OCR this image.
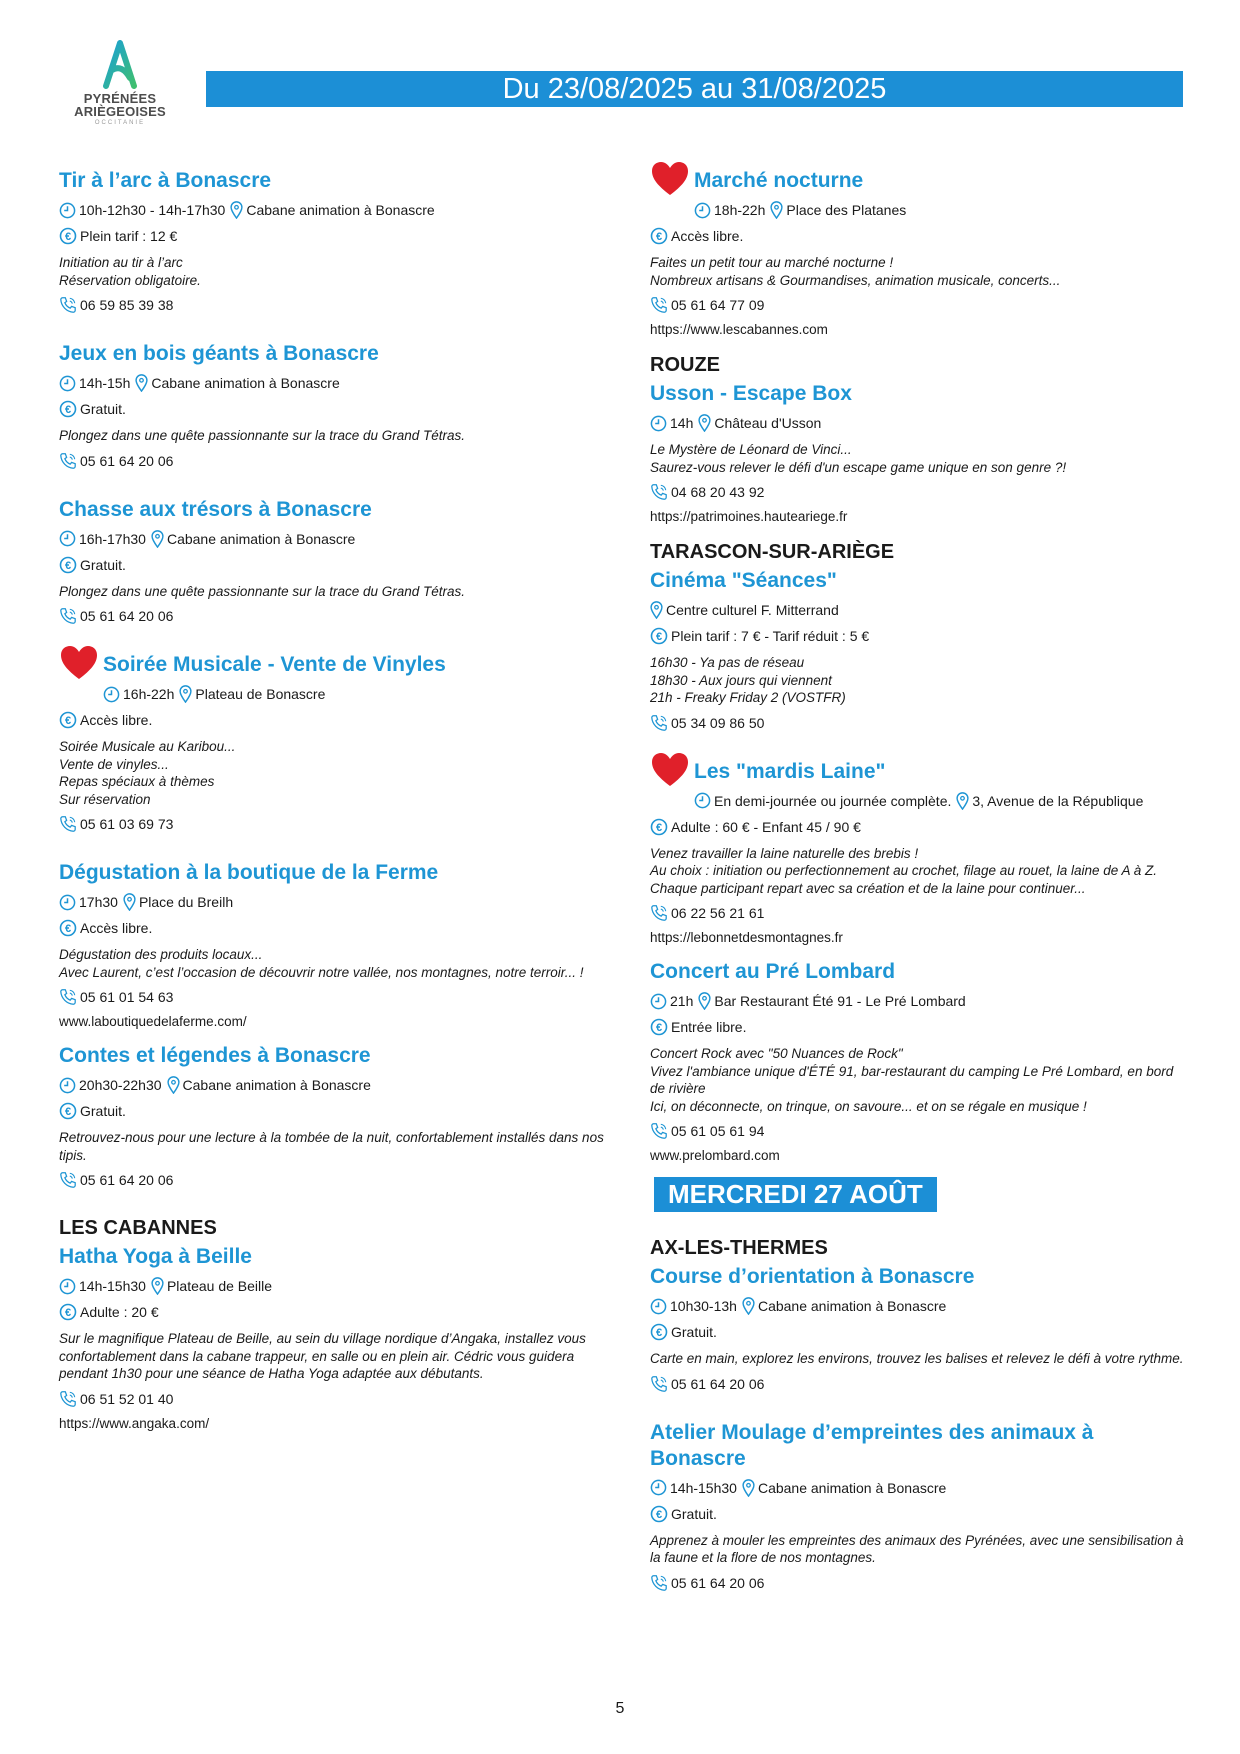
PYRÉNÉES
ARIÈGEOISES
OCCITANIE
Du 23/08/2025 au 31/08/2025
Tir à l’arc à Bonascre
10h-12h30 - 14h-17h30 Cabane animation à Bonascre
€ Plein tarif : 12 €
Initiation au tir à l’arc
Réservation obligatoire.
06 59 85 39 38
Jeux en bois géants à Bonascre
14h-15h Cabane animation à Bonascre
€ Gratuit.
Plongez dans une quête passionnante sur la trace du Grand Tétras.
05 61 64 20 06
Chasse aux trésors à Bonascre
16h-17h30 Cabane animation à Bonascre
€ Gratuit.
Plongez dans une quête passionnante sur la trace du Grand Tétras.
05 61 64 20 06
Soirée Musicale - Vente de Vinyles
16h-22h Plateau de Bonascre
€ Accès libre.
Soirée Musicale au Karibou...
Vente de vinyles...
Repas spéciaux à thèmes
Sur réservation
05 61 03 69 73
Dégustation à la boutique de la Ferme
17h30 Place du Breilh
€ Accès libre.
Dégustation des produits locaux...
Avec Laurent, c’est l’occasion de découvrir notre vallée, nos montagnes, notre terroir... !
05 61 01 54 63
www.laboutiquedelaferme.com/
Contes et légendes à Bonascre
20h30-22h30 Cabane animation à Bonascre
€ Gratuit.
Retrouvez-nous pour une lecture à la tombée de la nuit, confortablement installés dans nos tipis.
05 61 64 20 06
LES CABANNES
Hatha Yoga à Beille
14h-15h30 Plateau de Beille
€ Adulte : 20 €
Sur le magnifique Plateau de Beille, au sein du village nordique d’Angaka, installez vous confortablement dans la cabane trappeur, en salle ou en plein air. Cédric vous guidera pendant 1h30 pour une séance de Hatha Yoga adaptée aux débutants.
06 51 52 01 40
https://www.angaka.com/
Marché nocturne
18h-22h Place des Platanes
€ Accès libre.
Faites un petit tour au marché nocturne !
Nombreux artisans & Gourmandises, animation musicale, concerts...
05 61 64 77 09
https://www.lescabannes.com
ROUZE
Usson - Escape Box
14h Château d'Usson
Le Mystère de Léonard de Vinci...
Saurez-vous relever le défi d'un escape game unique en son genre ?!
04 68 20 43 92
https://patrimoines.hauteariege.fr
TARASCON-SUR-ARIÈGE
Cinéma "Séances"
Centre culturel F. Mitterrand
€ Plein tarif : 7 € - Tarif réduit : 5 €
16h30 - Ya pas de réseau
18h30 - Aux jours qui viennent
21h - Freaky Friday 2 (VOSTFR)
05 34 09 86 50
Les "mardis Laine"
En demi-journée ou journée complète. 3, Avenue de la République
€ Adulte : 60 € - Enfant 45 / 90 €
Venez travailler la laine naturelle des brebis !
Au choix : initiation ou perfectionnement au crochet, filage au rouet, la laine de A à Z.
Chaque participant repart avec sa création et de la laine pour continuer...
06 22 56 21 61
https://lebonnetdesmontagnes.fr
Concert au Pré Lombard
21h Bar Restaurant Été 91 - Le Pré Lombard
€ Entrée libre.
Concert Rock avec "50 Nuances de Rock"
Vivez l'ambiance unique d'ÉTÉ 91, bar-restaurant du camping Le Pré Lombard, en bord de rivière
Ici, on déconnecte, on trinque, on savoure... et on se régale en musique !
05 61 05 61 94
www.prelombard.com
MERCREDI 27 AOÛT
AX-LES-THERMES
Course d’orientation à Bonascre
10h30-13h Cabane animation à Bonascre
€ Gratuit.
Carte en main, explorez les environs, trouvez les balises et relevez le défi à votre rythme.
05 61 64 20 06
Atelier Moulage d’empreintes des animaux à Bonascre
14h-15h30 Cabane animation à Bonascre
€ Gratuit.
Apprenez à mouler les empreintes des animaux des Pyrénées, avec une sensibilisation à la faune et la flore de nos montagnes.
05 61 64 20 06
5
